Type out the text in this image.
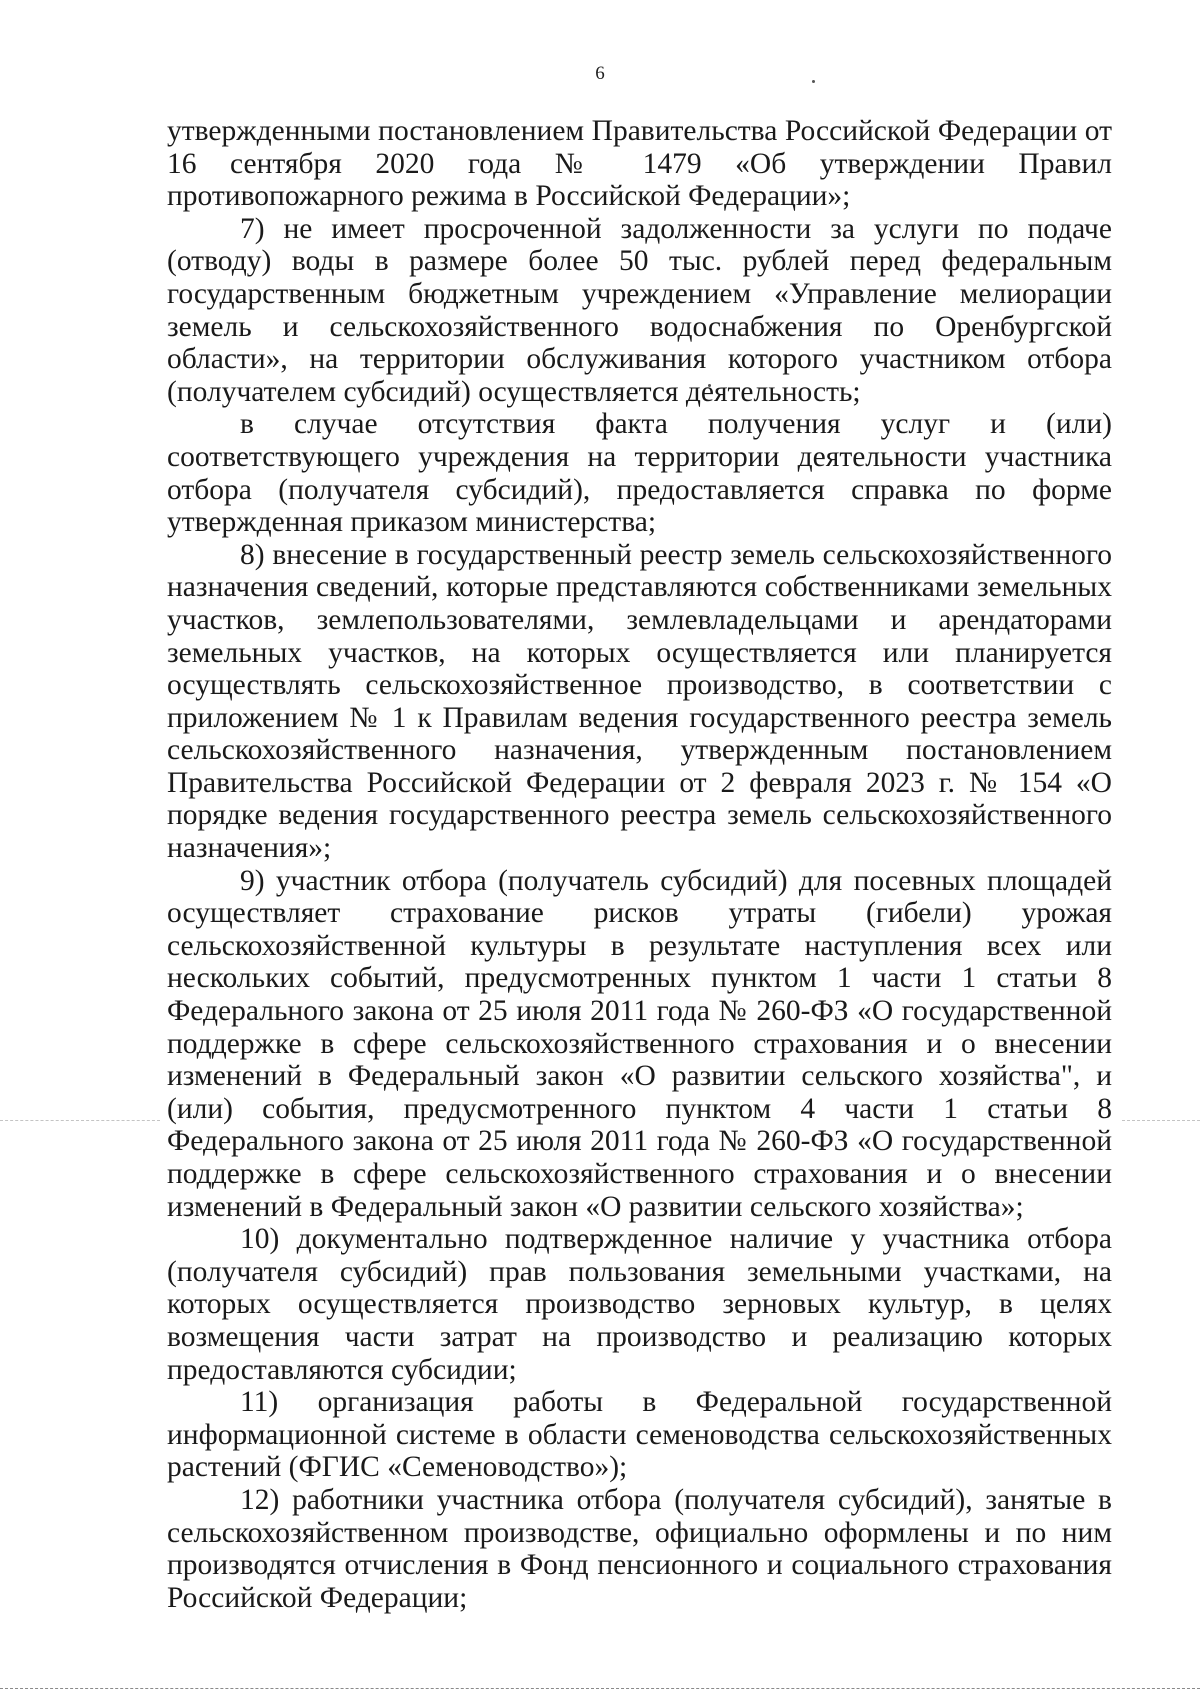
6

утвержденными постановлением Правительства Российской Федерации от 16 сентября 2020 года № 1479 «Об утверждении Правил противопожарного режима в Российской Федерации»;

7) не имеет просроченной задолженности за услуги по подаче (отводу) воды в размере более 50 тыс. рублей перед федеральным государственным бюджетным учреждением «Управление мелиорации земель и сельскохозяйственного водоснабжения по Оренбургской области», на территории обслуживания которого участником отбора (получателем субсидий) осуществляется деятельность;

в случае отсутствия факта получения услуг и (или) соответствующего учреждения на территории деятельности участника отбора (получателя субсидий), предоставляется справка по форме утвержденная приказом министерства;

8) внесение в государственный реестр земель сельскохозяйственного назначения сведений, которые представляются собственниками земельных участков, землепользователями, землевладельцами и арендаторами земельных участков, на которых осуществляется или планируется осуществлять сельскохозяйственное производство, в соответствии с приложением № 1 к Правилам ведения государственного реестра земель сельскохозяйственного назначения, утвержденным постановлением Правительства Российской Федерации от 2 февраля 2023 г. № 154 «О порядке ведения государственного реестра земель сельскохозяйственного назначения»;

9) участник отбора (получатель субсидий) для посевных площадей осуществляет страхование рисков утраты (гибели) урожая сельскохозяйственной культуры в результате наступления всех или нескольких событий, предусмотренных пунктом 1 части 1 статьи 8 Федерального закона от 25 июля 2011 года № 260-ФЗ «О государственной поддержке в сфере сельскохозяйственного страхования и о внесении изменений в Федеральный закон «О развитии сельского хозяйства", и (или) события, предусмотренного пунктом 4 части 1 статьи 8 Федерального закона от 25 июля 2011 года № 260-ФЗ «О государственной поддержке в сфере сельскохозяйственного страхования и о внесении изменений в Федеральный закон «О развитии сельского хозяйства»;

10) документально подтвержденное наличие у участника отбора (получателя субсидий) прав пользования земельными участками, на которых осуществляется производство зерновых культур, в целях возмещения части затрат на производство и реализацию которых предоставляются субсидии;

11) организация работы в Федеральной государственной информационной системе в области семеноводства сельскохозяйственных растений (ФГИС «Семеноводство»);

12) работники участника отбора (получателя субсидий), занятые в сельскохозяйственном производстве, официально оформлены и по ним производятся отчисления в Фонд пенсионного и социального страхования Российской Федерации;
